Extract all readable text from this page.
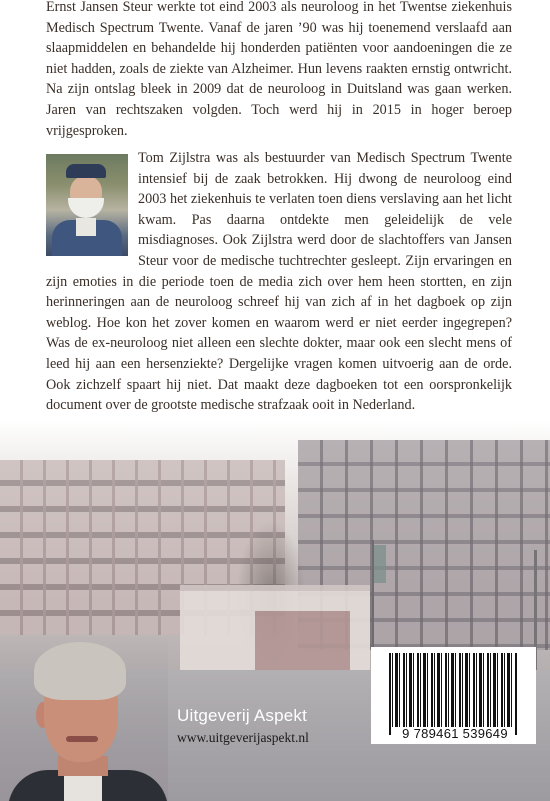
Ernst Jansen Steur werkte tot eind 2003 als neuroloog in het Twentse ziekenhuis Medisch Spectrum Twente. Vanaf de jaren ’90 was hij toenemend verslaafd aan slaapmiddelen en behandelde hij honderden patiënten voor aandoeningen die ze niet hadden, zoals de ziekte van Alzheimer. Hun levens raakten ernstig ontwricht. Na zijn ontslag bleek in 2009 dat de neuroloog in Duitsland was gaan werken. Jaren van rechtszaken volgden. Toch werd hij in 2015 in hoger beroep vrijgesproken.
Tom Zijlstra was als bestuurder van Medisch Spectrum Twente intensief bij de zaak betrokken. Hij dwong de neuroloog eind 2003 het ziekenhuis te verlaten toen diens verslaving aan het licht kwam. Pas daarna ontdekte men geleidelijk de vele misdiagnoses. Ook Zijlstra werd door de slachtoffers van Jansen Steur voor de medische tuchtrechter gesleept. Zijn ervaringen en zijn emoties in die periode toen de media zich over hem heen stortten, en zijn herinneringen aan de neuroloog schreef hij van zich af in het dagboek op zijn weblog. Hoe kon het zover komen en waarom werd er niet eerder ingegrepen? Was de ex-neuroloog niet alleen een slechte dokter, maar ook een slecht mens of leed hij aan een hersenziekte? Dergelijke vragen komen uitvoerig aan de orde. Ook zichzelf spaart hij niet. Dat maakt deze dagboeken tot een oorspronkelijk document over de grootste medische strafzaak ooit in Nederland.
Uitgeverij Aspekt
www.uitgeverijaspekt.nl	9 789461 539649
